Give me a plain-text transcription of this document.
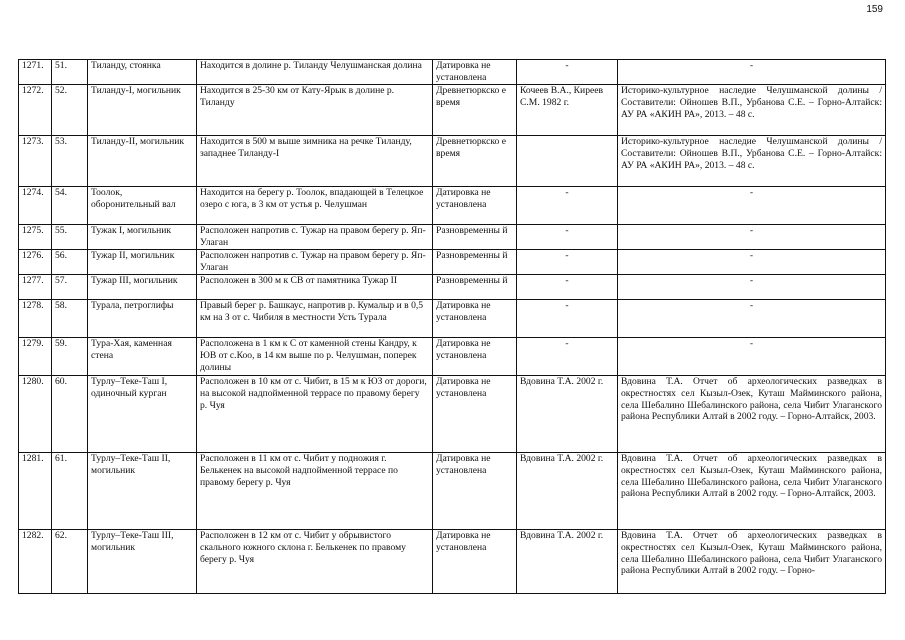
159
1271.	51.	Тиланду, стоянка	Находится в долине р. Тиланду Челушманская долина	Датировка не установлена	-	-
1272.	52.	Тиланду-I, могильник	Находится в 25-30 км от Кату-Ярык в долине р. Тиланду	Древнетюркско е время	Кочеев В.А., Киреев С.М. 1982 г.	Историко-культурное наследие Челушманской долины / Составители: Ойношев В.П., Урбанова С.Е. – Горно-Алтайск: АУ РА «АКИН РА», 2013. – 48 с.
1273.	53.	Тиланду-II, могильник	Находится в 500 м выше зимника на речке Тиланду, западнее Тиланду-I	Древнетюркско е время		Историко-культурное наследие Челушманской долины / Составители: Ойношев В.П., Урбанова С.Е. – Горно-Алтайск: АУ РА «АКИН РА», 2013. – 48 с.
1274.	54.	Тоолок, оборонительный вал	Находится на берегу р. Тоолок, впадающей в Телецкое озеро с юга, в 3 км от устья р. Челушман	Датировка не установлена	-	-
1275.	55.	Тужак I, могильник	Расположен напротив с. Тужар на правом берегу р. Яп-Улаган	Разновременны й	-	-
1276.	56.	Тужар II, могильник	Расположен напротив с. Тужар на правом берегу р. Яп-Улаган	Разновременны й	-	-
1277.	57.	Тужар III, могильник	Расположен в 300 м к СВ от памятника Тужар II	Разновременны й	-	-
1278.	58.	Турала, петроглифы	Правый берег р. Башкаус, напротив р. Кумалыр и в 0,5 км на З от с. Чибиля в местности Усть Турала	Датировка не установлена	-	-
1279.	59.	Тура-Хая, каменная стена	Расположена в 1 км к С от каменной стены Кандру, к ЮВ от с.Коо, в 14 км выше по р. Челушман, поперек долины	Датировка не установлена	-	-
1280.	60.	Турлу–Теке-Таш I, одиночный курган	Расположен в 10 км от с. Чибит, в 15 м к ЮЗ от дороги, на высокой надпойменной террасе по правому берегу р. Чуя	Датировка не установлена	Вдовина Т.А. 2002 г.	Вдовина Т.А. Отчет об археологических разведках в окрестностях сел Кызыл-Озек, Куташ Майминского района, села Шебалино Шебалинского района, села Чибит Улаганского района Республики Алтай в 2002 году. – Горно-Алтайск, 2003.
1281.	61.	Турлу–Теке-Таш II, могильник	Расположен в 11 км от с. Чибит у подножия г. Белькенек на высокой надпойменной террасе по правому берегу р. Чуя	Датировка не установлена	Вдовина Т.А. 2002 г.	Вдовина Т.А. Отчет об археологических разведках в окрестностях сел Кызыл-Озек, Куташ Майминского района, села Шебалино Шебалинского района, села Чибит Улаганского района Республики Алтай в 2002 году. – Горно-Алтайск, 2003.
1282.	62.	Турлу–Теке-Таш III, могильник	Расположен в 12 км от с. Чибит у обрывистого скального южного склона г. Белькенек по правому берегу р. Чуя	Датировка не установлена	Вдовина Т.А. 2002 г.	Вдовина Т.А. Отчет об археологических разведках в окрестностях сел Кызыл-Озек, Куташ Майминского района, села Шебалино Шебалинского района, села Чибит Улаганского района Республики Алтай в 2002 году. – Горно-
